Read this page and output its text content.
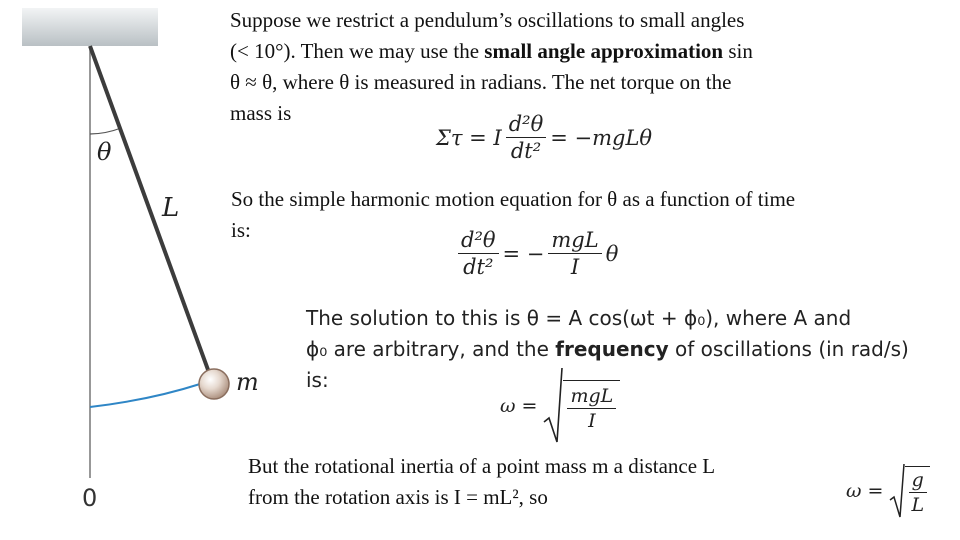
θ
L
m
0
Suppose we restrict a pendulum’s oscillations to small angles
(< 10°). Then we may use the small angle approximation sin
θ ≈ θ, where θ is measured in radians. The net torque on the
mass is
Στ = I $\frac{\text{d²θ}}{\text{dt²}} = -mgL\theta$
So the simple harmonic motion equation for θ as a function of time
is:	$\frac{\text{d²θ}}{\text{dt²}}$ = − $\frac{\text{mgL}}{I}$ θ
The solution to this is θ = A cos(ωt + ϕ₀), where A and
ϕ₀ are arbitrary, and the frequency of oscillations (in rad/s)
is:
$\omega = \frac{\text{mgL}}{I}$
But the rotational inertia of a point mass m a distance L
from the rotation axis is I = mL², so	$\omega = \frac{g}{L}$
